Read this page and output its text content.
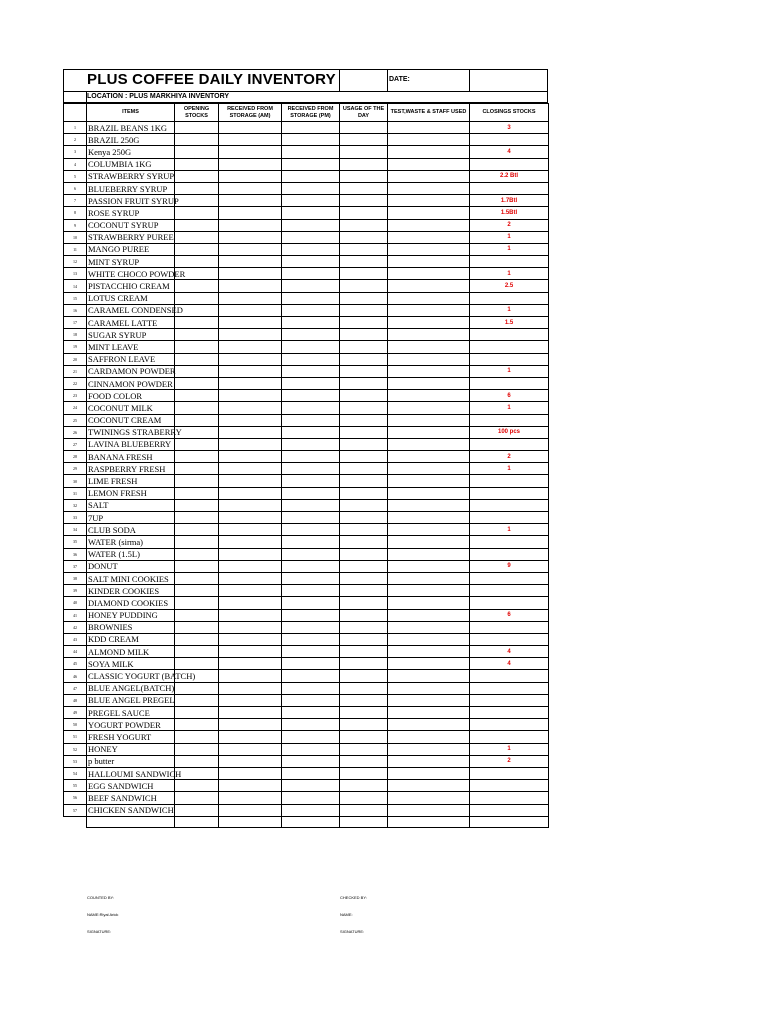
PLUS COFFEE DAILY INVENTORY	DATE:
LOCATION : PLUS MARKHIYA INVENTORY
	ITEMS	OPENING STOCKS	RECEIVED FROM STORAGE (AM)	RECEIVED FROM STORAGE (PM)	USAGE OF THE DAY	TEST,WASTE & STAFF USED	CLOSINGS STOCKS
1	BRAZIL BEANS 1KG						3
2	BRAZIL 250G						
3	Kenya 250G						4
4	COLUMBIA 1KG						
5	STRAWBERRY SYRUP						2.2 Btl
6	BLUEBERRY SYRUP						
7	PASSION FRUIT SYRUP						1.7Btl
8	ROSE SYRUP						1.5Btl
9	COCONUT SYRUP						2
10	STRAWBERRY PUREE						1
11	MANGO PUREE						1
12	MINT SYRUP						
13	WHITE CHOCO POWDER						1
14	PISTACCHIO CREAM						2.5
15	LOTUS CREAM						
16	CARAMEL CONDENSED						1
17	CARAMEL LATTE						1.5
18	SUGAR SYRUP						
19	MINT LEAVE						
20	SAFFRON LEAVE						
21	CARDAMON POWDER						1
22	CINNAMON POWDER						
23	FOOD COLOR						6
24	COCONUT MILK						1
25	COCONUT CREAM						
26	TWININGS STRABERRY						100 pcs
27	LAVINA BLUEBERRY						
28	BANANA FRESH						2
29	RASPBERRY FRESH						1
30	LIME FRESH						
31	LEMON FRESH						
32	SALT						
33	7UP						
34	CLUB SODA						1
35	WATER (sirma)						
36	WATER (1.5L)						
37	DONUT						9
38	SALT MINI COOKIES						
39	KINDER COOKIES						
40	DIAMOND COOKIES						
41	HONEY PUDDING						6
42	BROWNIES						
43	KDD CREAM						
44	ALMOND MILK						4
45	SOYA MILK						4
46	CLASSIC YOGURT (BATCH)						
47	BLUE ANGEL(BATCH)						
48	BLUE ANGEL PREGEL						
49	PREGEL SAUCE						
50	YOGURT POWDER						
51	FRESH YOGURT						
52	HONEY						1
53	p butter						2
54	HALLOUMI SANDWICH						
55	EGG SANDWICH						
56	BEEF SANDWICH						
57	CHICKEN SANDWICH						

COUNTED BY:	CHECKED BY:
NAME:Riyal Arick	NAME:
SIGNATURE:	SIGNATURE:
